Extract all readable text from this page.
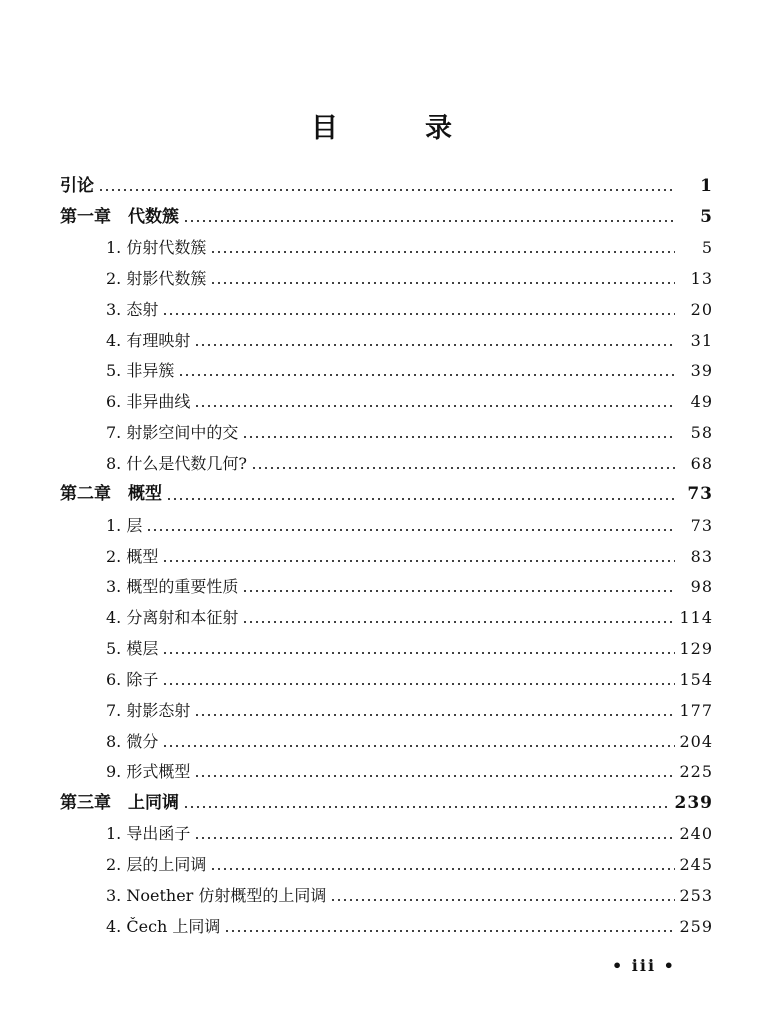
目	录
引论	1
第一章　代数簇	5
1. 仿射代数簇	5
2. 射影代数簇	13
3. 态射	20
4. 有理映射	31
5. 非异簇	39
6. 非异曲线	49
7. 射影空间中的交	58
8. 什么是代数几何?	68
第二章　概型	73
1. 层	73
2. 概型	83
3. 概型的重要性质	98
4. 分离射和本征射	114
5. 模层	129
6. 除子	154
7. 射影态射	177
8. 微分	204
9. 形式概型	225
第三章　上同调	239
1. 导出函子	240
2. 层的上同调	245
3. Noether 仿射概型的上同调	253
4. Čech 上同调	259
• iii •
